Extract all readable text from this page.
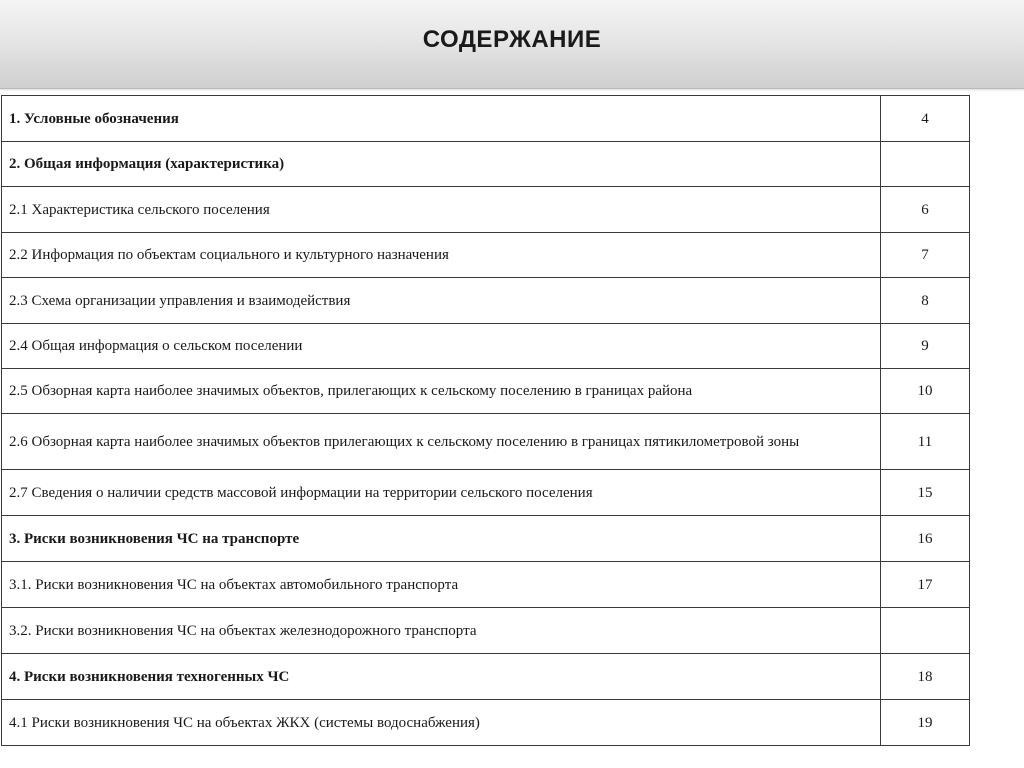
СОДЕРЖАНИЕ
1. Условные обозначения	4
2. Общая информация (характеристика)	
2.1 Характеристика сельского поселения	6
2.2 Информация по объектам социального и культурного назначения	7
2.3 Схема организации управления и взаимодействия	8
2.4 Общая информация о сельском поселении	9
2.5 Обзорная карта наиболее значимых объектов, прилегающих к сельскому поселению в границах района	10
2.6 Обзорная карта наиболее значимых объектов прилегающих к сельскому поселению в границах пятикилометровой зоны	11
2.7 Сведения о наличии средств массовой информации на территории сельского поселения	15
3. Риски возникновения ЧС на транспорте	16
3.1. Риски возникновения ЧС на объектах автомобильного транспорта	17
3.2. Риски возникновения ЧС на объектах железнодорожного транспорта	
4. Риски возникновения техногенных ЧС	18
4.1 Риски возникновения ЧС на объектах ЖКХ (системы водоснабжения)	19
